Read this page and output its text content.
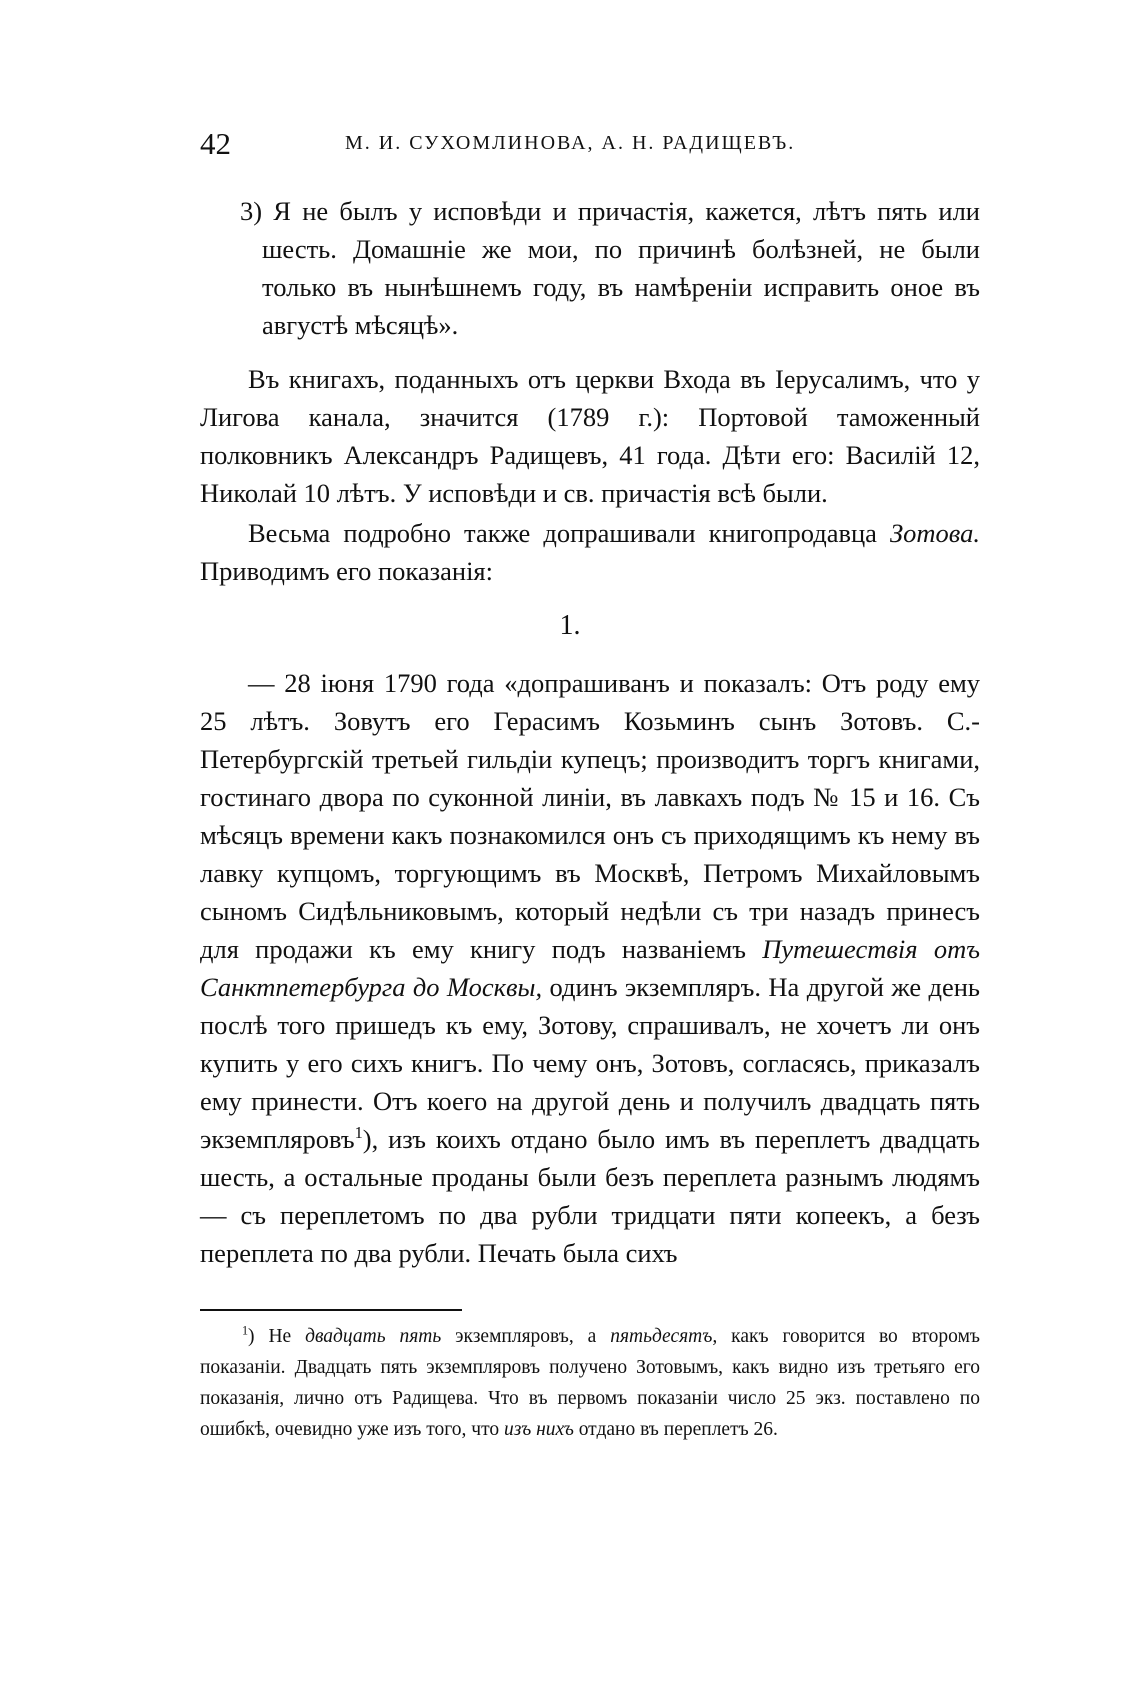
42	М. И. СУХОМЛИНОВА, А. Н. РАДИЩЕВЪ.
3) Я не былъ у исповѣди и причастія, кажется, лѣтъ пять или шесть. Домашніе же мои, по причинѣ болѣзней, не были только въ нынѣшнемъ году, въ намѣреніи исправить оное въ августѣ мѣсяцѣ».

Въ книгахъ, поданныхъ отъ церкви Входа въ Іерусалимъ, что у Лигова канала, значится (1789 г.): Портовой таможенный полковникъ Александръ Радищевъ, 41 года. Дѣти его: Василій 12, Николай 10 лѣтъ. У исповѣди и св. причастія всѣ были.

Весьма подробно также допрашивали книгопродавца Зотова. Приводимъ его показанія:

1.

— 28 іюня 1790 года «допрашиванъ и показалъ: Отъ роду ему 25 лѣтъ. Зовутъ его Герасимъ Козьминъ сынъ Зотовъ. С.-Петербургскій третьей гильдіи купецъ; производитъ торгъ книгами, гостинаго двора по суконной линіи, въ лавкахъ подъ № 15 и 16. Съ мѣсяцъ времени какъ познакомился онъ съ приходящимъ къ нему въ лавку купцомъ, торгующимъ въ Москвѣ, Петромъ Михайловымъ сыномъ Сидѣльниковымъ, который недѣли съ три назадъ принесъ для продажи къ ему книгу подъ названіемъ Путешествія отъ Санктпетербурга до Москвы, одинъ экземпляръ. На другой же день послѣ того пришедъ къ ему, Зотову, спрашивалъ, не хочетъ ли онъ купить у его сихъ книгъ. По чему онъ, Зотовъ, согласясь, приказалъ ему принести. Отъ коего на другой день и получилъ двадцать пять экземпляровъ$^1$), изъ коихъ отдано было имъ въ переплетъ двадцать шесть, а остальные проданы были безъ переплета разнымъ людямъ — съ переплетомъ по два рубли тридцати пяти копеекъ, а безъ переплета по два рубли. Печать была сихъ

$^1$) Не двадцать пять экземпляровъ, а пятьдесятъ, какъ говорится во второмъ показаніи. Двадцать пять экземпляровъ получено Зотовымъ, какъ видно изъ третьяго его показанія, лично отъ Радищева. Что въ первомъ показаніи число 25 экз. поставлено по ошибкѣ, очевидно уже изъ того, что изъ нихъ отдано въ переплетъ 26.
